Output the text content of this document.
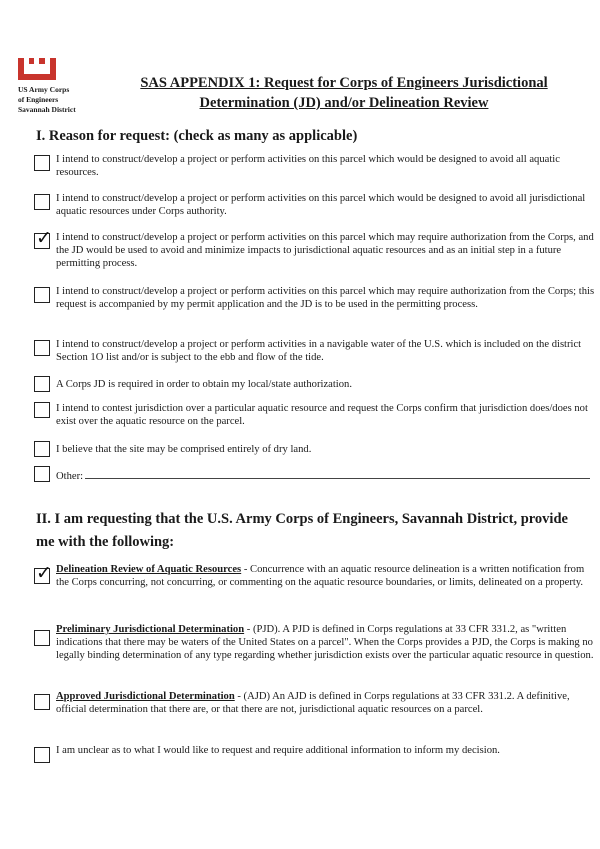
US Army Corps
of Engineers
Savannah District
SAS APPENDIX 1: Request for Corps of Engineers Jurisdictional
Determination (JD) and/or Delineation Review
I. Reason for request: (check as many as applicable)
I intend to construct/develop a project or perform activities on this parcel which would be designed to avoid all aquatic resources.
I intend to construct/develop a project or perform activities on this parcel which would be designed to avoid all jurisdictional aquatic resources under Corps authority.
✓ I intend to construct/develop a project or perform activities on this parcel which may require authorization from the Corps, and the JD would be used to avoid and minimize impacts to jurisdictional aquatic resources and as an initial step in a future permitting process.
I intend to construct/develop a project or perform activities on this parcel which may require authorization from the Corps; this request is accompanied by my permit application and the JD is to be used in the permitting process.
I intend to construct/develop a project or perform activities in a navigable water of the U.S. which is included on the district Section 1O list and/or is subject to the ebb and flow of the tide.
A Corps JD is required in order to obtain my local/state authorization.
I intend to contest jurisdiction over a particular aquatic resource and request the Corps confirm that jurisdiction does/does not exist over the aquatic resource on the parcel.
I believe that the site may be comprised entirely of dry land.
Other:
II. I am requesting that the U.S. Army Corps of Engineers, Savannah District, provide me with the following:
✓ Delineation Review of Aquatic Resources - Concurrence with an aquatic resource delineation is a written notification from the Corps concurring, not concurring, or commenting on the aquatic resource boundaries, or limits, delineated on a property.
Preliminary Jurisdictional Determination - (PJD). A PJD is defined in Corps regulations at 33 CFR 331.2, as "written indications that there may be waters of the United States on a parcel". When the Corps provides a PJD, the Corps is making no legally binding determination of any type regarding whether jurisdiction exists over the particular aquatic resource in question.
Approved Jurisdictional Determination - (AJD) An AJD is defined in Corps regulations at 33 CFR 331.2. A definitive, official determination that there are, or that there are not, jurisdictional aquatic resources on a parcel.
I am unclear as to what I would like to request and require additional information to inform my decision.
